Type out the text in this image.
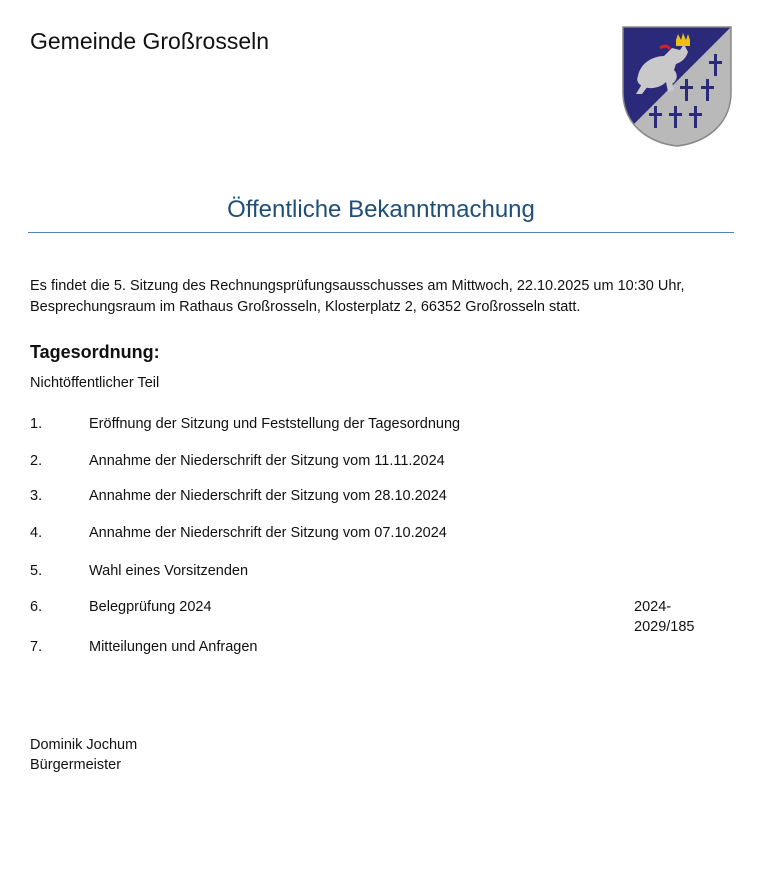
Gemeinde Großrosseln
Öffentliche Bekanntmachung
Es findet die 5. Sitzung des Rechnungsprüfungsausschusses am Mittwoch, 22.10.2025 um 10:30 Uhr,
Besprechungsraum im Rathaus Großrosseln, Klosterplatz 2, 66352 Großrosseln statt.
Tagesordnung:
Nichtöffentlicher Teil
1.	Eröffnung der Sitzung und Feststellung der Tagesordnung
2.	Annahme der Niederschrift der Sitzung vom 11.11.2024
3.	Annahme der Niederschrift der Sitzung vom 28.10.2024
4.	Annahme der Niederschrift der Sitzung vom 07.10.2024
5.	Wahl eines Vorsitzenden
6.	Belegprüfung 2024	2024-
2029/185
7.	Mitteilungen und Anfragen
Dominik Jochum
Bürgermeister
